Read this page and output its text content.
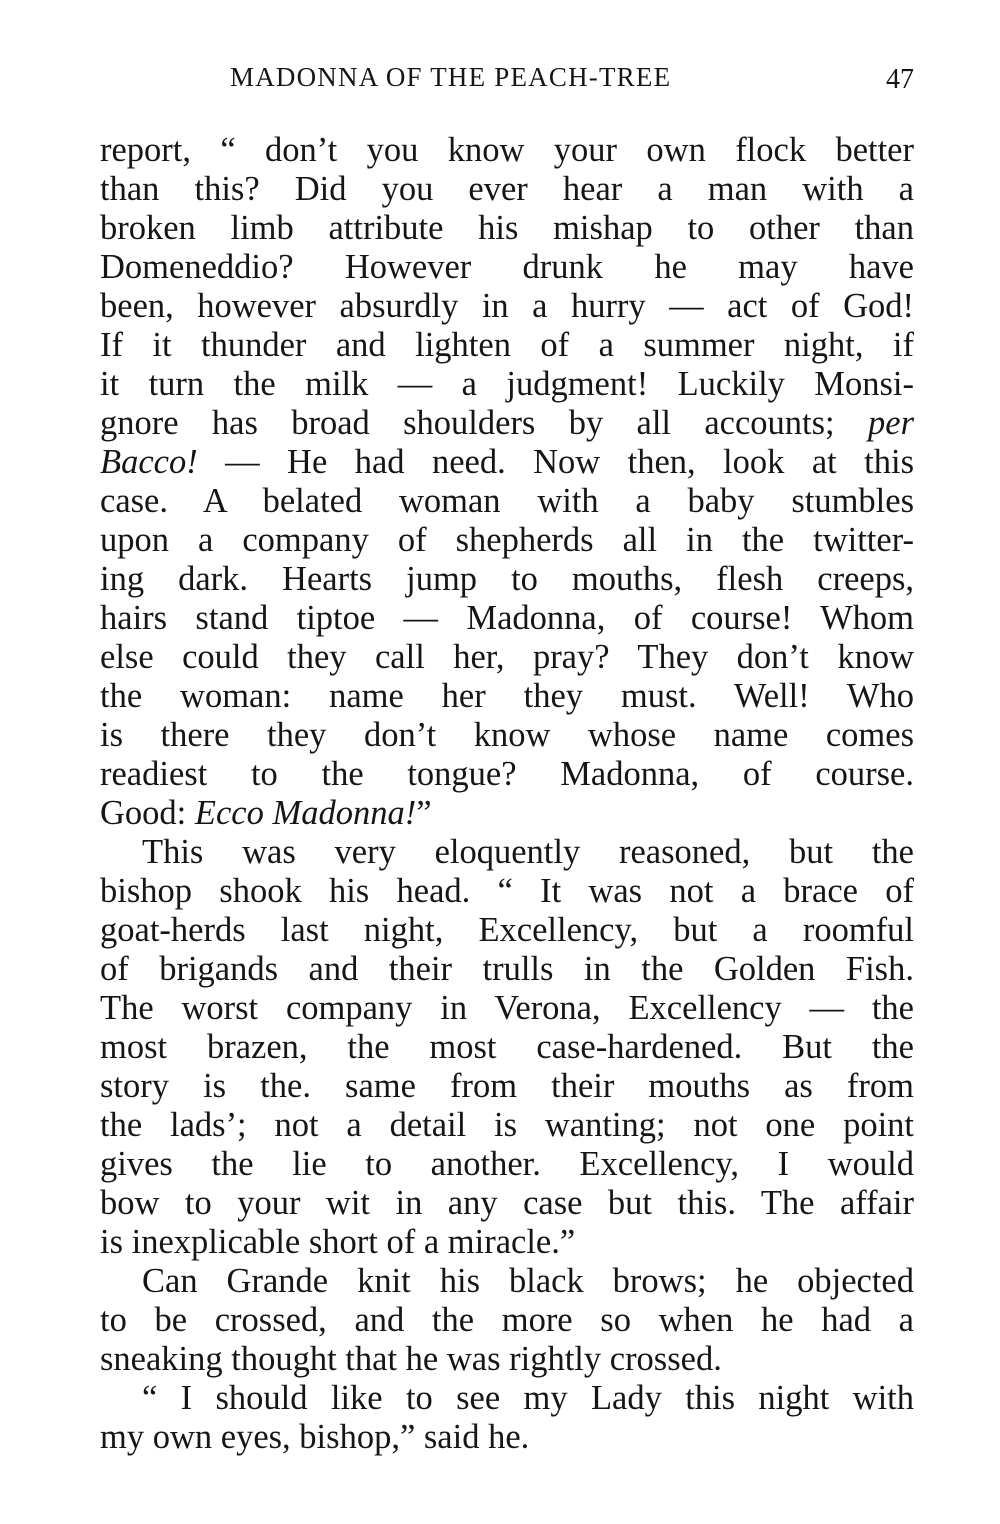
MADONNA OF THE PEACH-TREE	47
report, “ don’t you know your own flock better
than this? Did you ever hear a man with a
broken limb attribute his mishap to other than
Domeneddio? However drunk he may have
been, however absurdly in a hurry — act of God!
If it thunder and lighten of a summer night, if
it turn the milk — a judgment! Luckily Monsi-
gnore has broad shoulders by all accounts; per
Bacco! — He had need. Now then, look at this
case. A belated woman with a baby stumbles
upon a company of shepherds all in the twitter-
ing dark. Hearts jump to mouths, flesh creeps,
hairs stand tiptoe — Madonna, of course! Whom
else could they call her, pray? They don’t know
the woman: name her they must. Well! Who
is there they don’t know whose name comes
readiest to the tongue? Madonna, of course.
Good: Ecco Madonna!”
This was very eloquently reasoned, but the
bishop shook his head. “ It was not a brace of
goat-herds last night, Excellency, but a roomful
of brigands and their trulls in the Golden Fish.
The worst company in Verona, Excellency — the
most brazen, the most case-hardened. But the
story is the. same from their mouths as from
the lads’; not a detail is wanting; not one point
gives the lie to another. Excellency, I would
bow to your wit in any case but this. The affair
is inexplicable short of a miracle.”
Can Grande knit his black brows; he objected
to be crossed, and the more so when he had a
sneaking thought that he was rightly crossed.
“ I should like to see my Lady this night with
my own eyes, bishop,” said he.
